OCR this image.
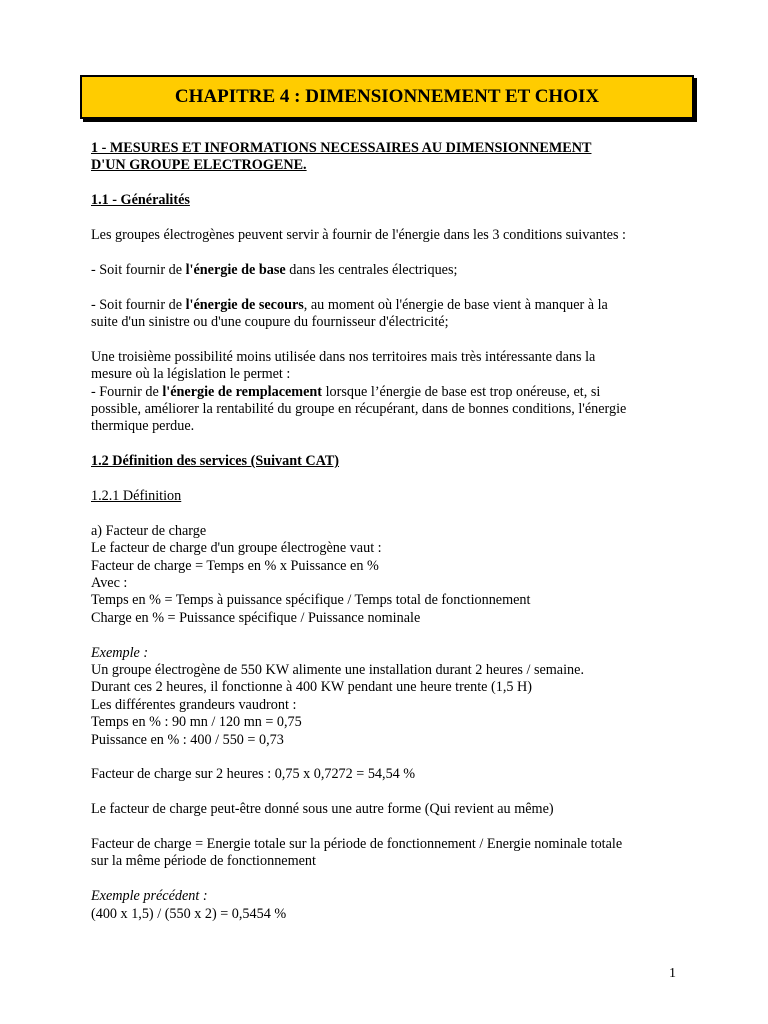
CHAPITRE 4 : DIMENSIONNEMENT ET CHOIX

1 - MESURES ET INFORMATIONS NECESSAIRES AU DIMENSIONNEMENT

D'UN GROUPE ELECTROGENE.

1.1 - Généralités

Les groupes électrogènes peuvent servir à fournir de l'énergie dans les 3 conditions suivantes :

- Soit fournir de l'énergie de base dans les centrales électriques;

- Soit fournir de l'énergie de secours, au moment où l'énergie de base vient à manquer à la

suite d'un sinistre ou d'une coupure du fournisseur d'électricité;

Une troisième possibilité moins utilisée dans nos territoires mais très intéressante dans la

mesure où la législation le permet :

- Fournir de l'énergie de remplacement lorsque l’énergie de base est trop onéreuse, et, si

possible, améliorer la rentabilité du groupe en récupérant, dans de bonnes conditions, l'énergie

thermique perdue.

1.2 Définition des services (Suivant CAT)

1.2.1 Définition

a) Facteur de charge

Le facteur de charge d'un groupe électrogène vaut :

Facteur de charge = Temps en % x Puissance en %

Avec :

Temps en % = Temps à puissance spécifique / Temps total de fonctionnement

Charge en % = Puissance spécifique / Puissance nominale

Exemple :

Un groupe électrogène de 550 KW alimente une installation durant 2 heures / semaine.

Durant ces 2 heures, il fonctionne à 400 KW pendant une heure trente (1,5 H)

Les différentes grandeurs vaudront :

Temps en % : 90 mn / 120 mn = 0,75

Puissance en % : 400 / 550 = 0,73

Facteur de charge sur 2 heures : 0,75 x 0,7272 = 54,54 %

Le facteur de charge peut-être donné sous une autre forme (Qui revient au même)

Facteur de charge = Energie totale sur la période de fonctionnement / Energie nominale totale

sur la même période de fonctionnement

Exemple précédent :

(400 x 1,5) / (550 x 2) = 0,5454 %

1
